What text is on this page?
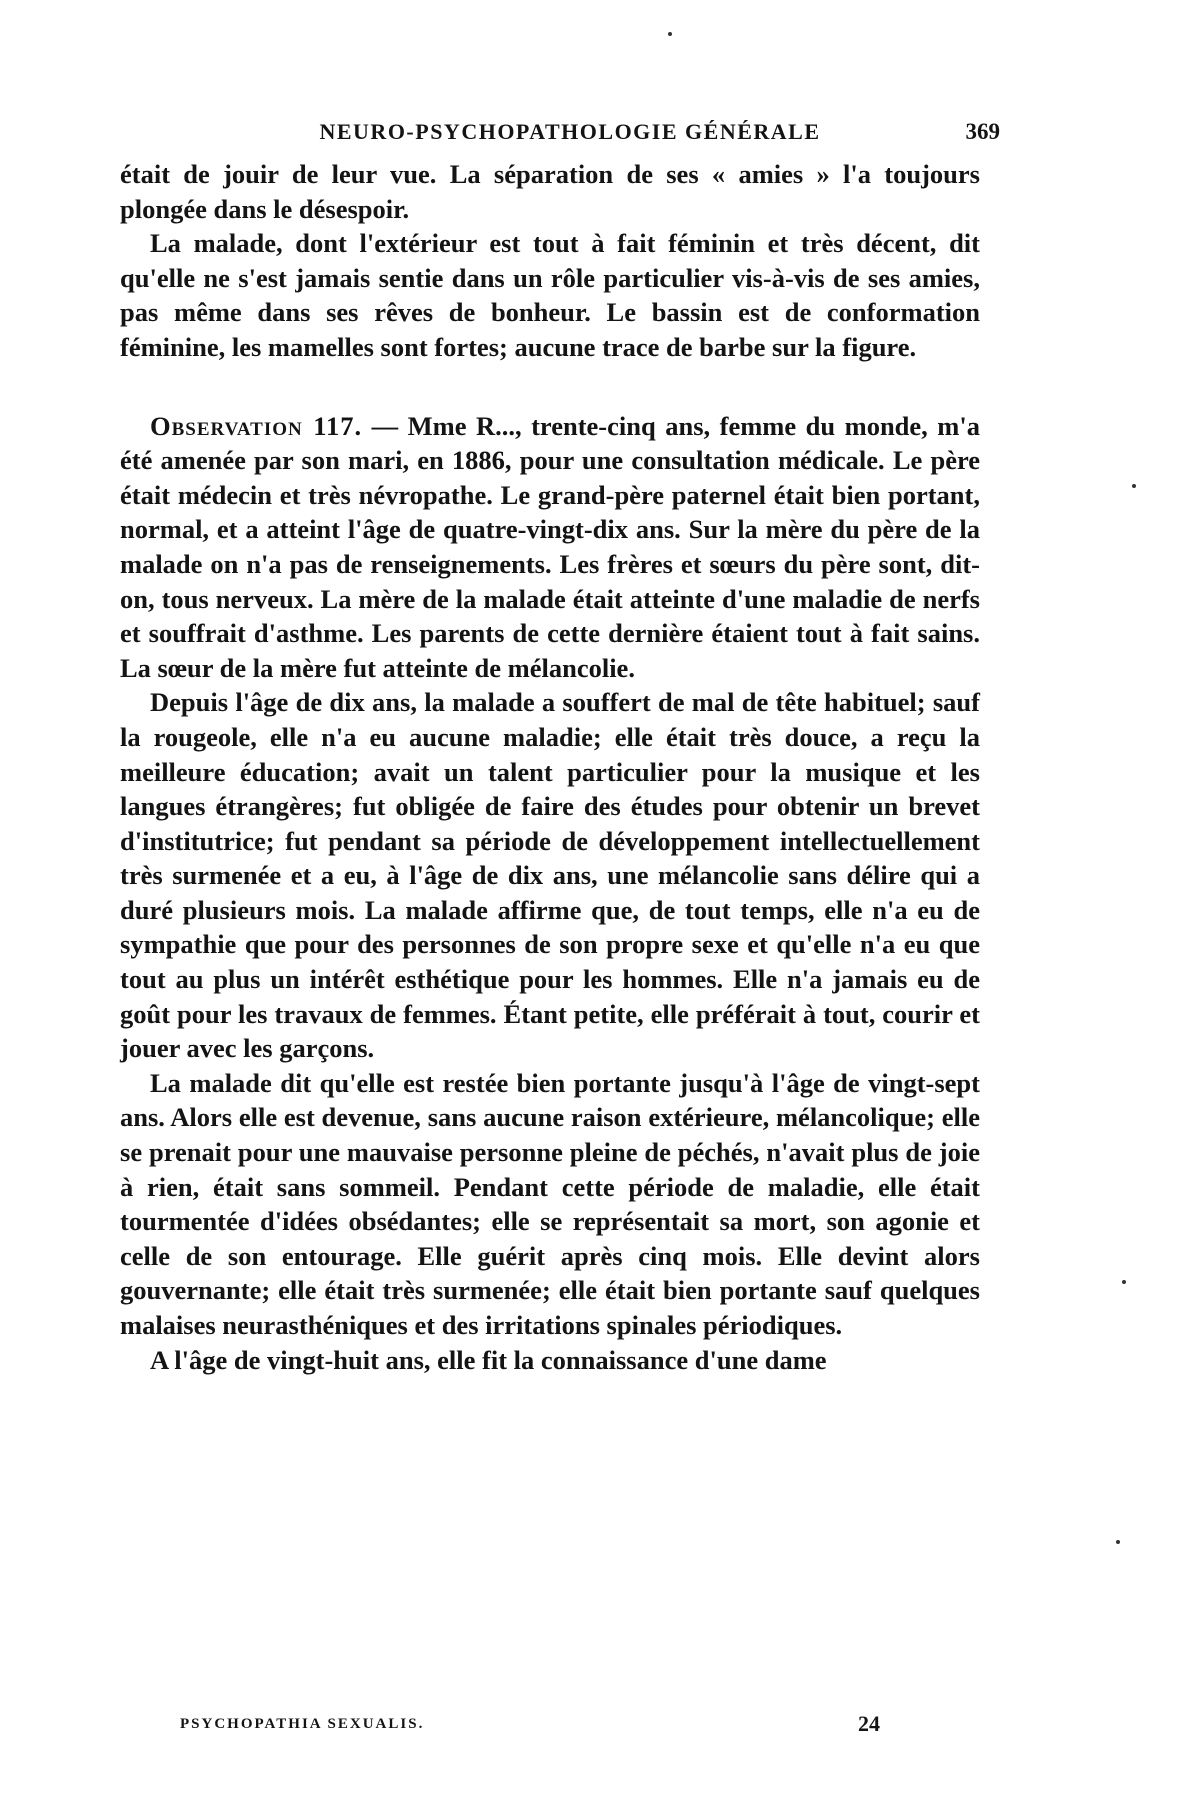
NEURO-PSYCHOPATHOLOGIE GÉNÉRALE	369

était de jouir de leur vue. La séparation de ses « amies » l'a toujours plongée dans le désespoir.

La malade, dont l'extérieur est tout à fait féminin et très décent, dit qu'elle ne s'est jamais sentie dans un rôle particulier vis-à-vis de ses amies, pas même dans ses rêves de bonheur. Le bassin est de conformation féminine, les mamelles sont fortes; aucune trace de barbe sur la figure.

Observation 117. — Mme R..., trente-cinq ans, femme du monde, m'a été amenée par son mari, en 1886, pour une consultation médicale. Le père était médecin et très névropathe. Le grand-père paternel était bien portant, normal, et a atteint l'âge de quatre-vingt-dix ans. Sur la mère du père de la malade on n'a pas de renseignements. Les frères et sœurs du père sont, dit-on, tous nerveux. La mère de la malade était atteinte d'une maladie de nerfs et souffrait d'asthme. Les parents de cette dernière étaient tout à fait sains. La sœur de la mère fut atteinte de mélancolie.

Depuis l'âge de dix ans, la malade a souffert de mal de tête habituel; sauf la rougeole, elle n'a eu aucune maladie; elle était très douce, a reçu la meilleure éducation; avait un talent particulier pour la musique et les langues étrangères; fut obligée de faire des études pour obtenir un brevet d'institutrice; fut pendant sa période de développement intellectuellement très surmenée et a eu, à l'âge de dix ans, une mélancolie sans délire qui a duré plusieurs mois. La malade affirme que, de tout temps, elle n'a eu de sympathie que pour des personnes de son propre sexe et qu'elle n'a eu que tout au plus un intérêt esthétique pour les hommes. Elle n'a jamais eu de goût pour les travaux de femmes. Étant petite, elle préférait à tout, courir et jouer avec les garçons.

La malade dit qu'elle est restée bien portante jusqu'à l'âge de vingt-sept ans. Alors elle est devenue, sans aucune raison extérieure, mélancolique; elle se prenait pour une mauvaise personne pleine de péchés, n'avait plus de joie à rien, était sans sommeil. Pendant cette période de maladie, elle était tourmentée d'idées obsédantes; elle se représentait sa mort, son agonie et celle de son entourage. Elle guérit après cinq mois. Elle devint alors gouvernante; elle était très surmenée; elle était bien portante sauf quelques malaises neurasthéniques et des irritations spinales périodiques.

A l'âge de vingt-huit ans, elle fit la connaissance d'une dame

PSYCHOPATHIA SEXUALIS.	24
